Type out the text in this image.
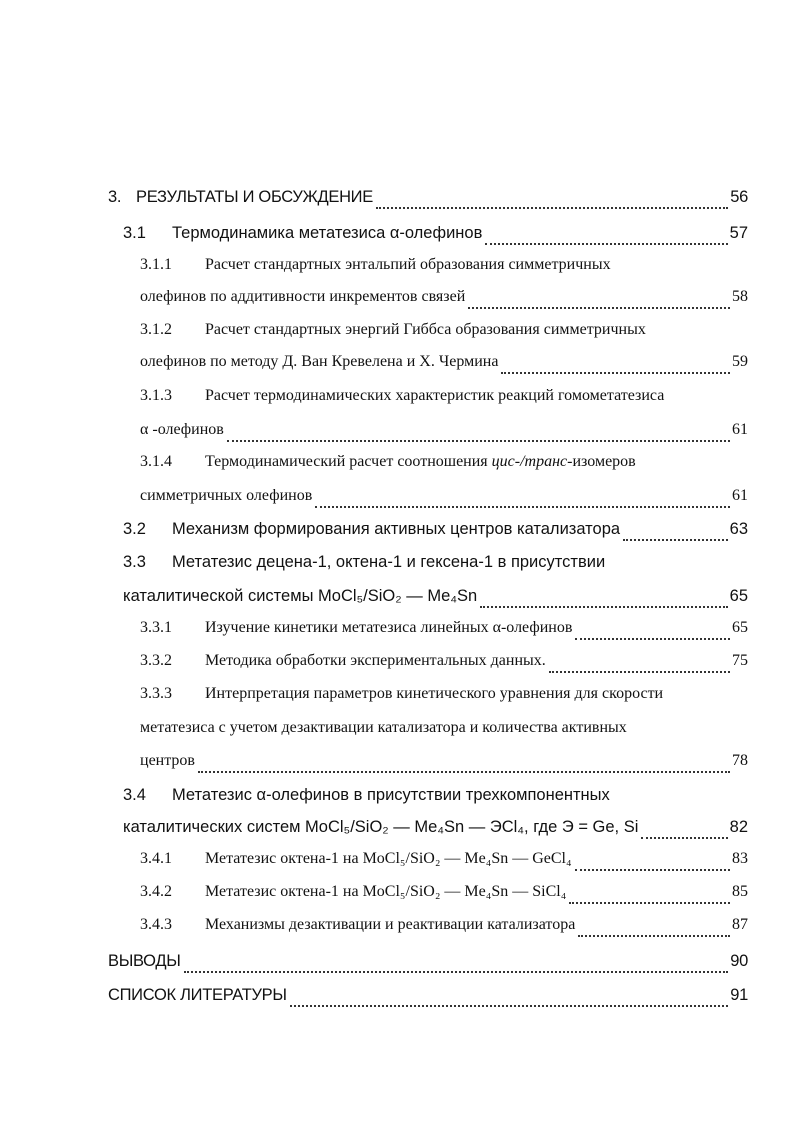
3. РЕЗУЛЬТАТЫ И ОБСУЖДЕНИЕ	56
3.1	Термодинамика метатезиса α-олефинов	57
3.1.1	Расчет стандартных энтальпий образования симметричных
олефинов по аддитивности инкрементов связей	58
3.1.2	Расчет стандартных энергий Гиббса образования симметричных
олефинов по методу Д. Ван Кревелена и Х. Чермина	59
3.1.3	Расчет термодинамических характеристик реакций гомометатезиса
α -олефинов	61
3.1.4	Термодинамический расчет соотношения цис-/транс- изомеров
симметричных олефинов	61
3.2	Механизм формирования активных центров катализатора	63
3.3	Метатезис децена-1, октена-1 и гексена-1 в присутствии
каталитической системы MoCl₅/SiO₂ — Me₄Sn	65
3.3.1	Изучение кинетики метатезиса линейных α-олефинов	65
3.3.2	Методика обработки экспериментальных данных.	75
3.3.3	Интерпретация параметров кинетического уравнения для скорости
метатезиса с учетом дезактивации катализатора и количества активных
центров	78
3.4	Метатезис α-олефинов в присутствии трехкомпонентных
каталитических систем MoCl₅/SiO₂ — Me₄Sn — ЭCl₄, где Э = Ge, Si	82
3.4.1	Метатезис октена-1 на MoCl₅/SiO₂ — Me₄Sn — GeCl₄	83
3.4.2	Метатезис октена-1 на MoCl₅/SiO₂ — Me₄Sn — SiCl₄	85
3.4.3	Механизмы дезактивации и реактивации катализатора	87
ВЫВОДЫ	90
СПИСОК ЛИТЕРАТУРЫ	91
